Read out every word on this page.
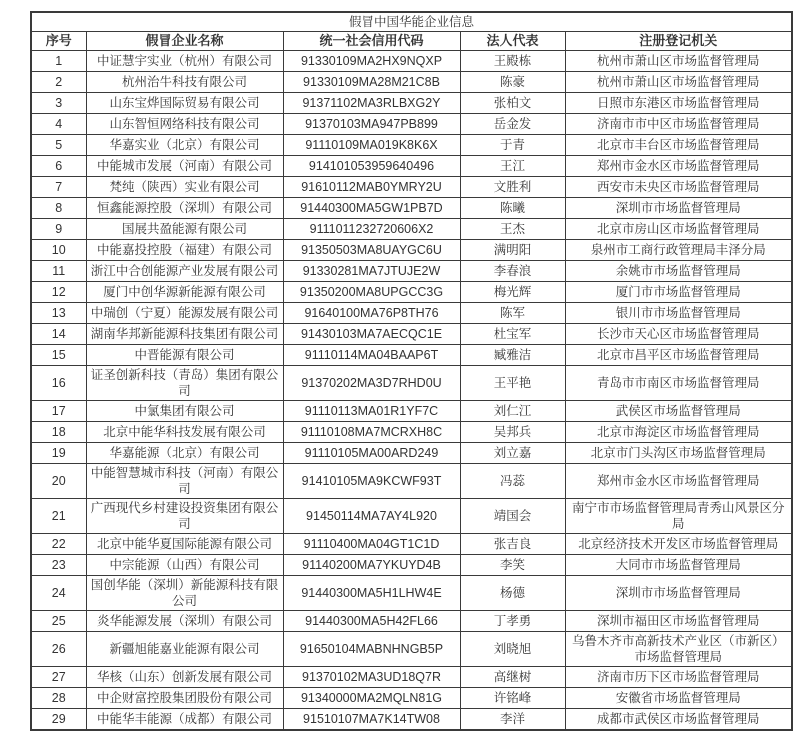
假冒中国华能企业信息				
序号	假冒企业名称	统一社会信用代码	法人代表	注册登记机关
1	中证慧宇实业（杭州）有限公司	91330109MA2HX9NQXP	王殿栋	杭州市萧山区市场监督管理局
2	杭州治牛科技有限公司	91330109MA28M21C8B	陈豪	杭州市萧山区市场监督管理局
3	山东宝烨国际贸易有限公司	91371102MA3RLBXG2Y	张柏文	日照市东港区市场监督管理局
4	山东智恒网络科技有限公司	91370103MA947PB899	岳金发	济南市市中区市场监督管理局
5	华嘉实业（北京）有限公司	91110109MA019K8K6X	于青	北京市丰台区市场监督管理局
6	中能城市发展（河南）有限公司	914101053959640496	王江	郑州市金水区市场监督管理局
7	梵纯（陕西）实业有限公司	91610112MAB0YMRY2U	文胜利	西安市未央区市场监督管理局
8	恒鑫能源控股（深圳）有限公司	91440300MA5GW1PB7D	陈曦	深圳市市场监督管理局
9	国展共盈能源有限公司	9111011232720606X2	王杰	北京市房山区市场监督管理局
10	中能嘉投控股（福建）有限公司	91350503MA8UAYGC6U	满明阳	泉州市工商行政管理局丰泽分局
11	浙江中合创能源产业发展有限公司	91330281MA7JTUJE2W	李春浪	余姚市市场监督管理局
12	厦门中创华源新能源有限公司	91350200MA8UPGCC3G	梅光辉	厦门市市场监督管理局
13	中瑞创（宁夏）能源发展有限公司	91640100MA76P8TH76	陈军	银川市市场监督管理局
14	湖南华邦新能源科技集团有限公司	91430103MA7AECQC1E	杜宝军	长沙市天心区市场监督管理局
15	中晋能源有限公司	91110114MA04BAAP6T	臧雅洁	北京市昌平区市场监督管理局
16	证圣创新科技（青岛）集团有限公司	91370202MA3D7RHD0U	王平艳	青岛市市南区市场监督管理局
17	中氯集团有限公司	91110113MA01R1YF7C	刘仁江	武侯区市场监督管理局
18	北京中能华科技发展有限公司	91110108MA7MCRXH8C	吴邦兵	北京市海淀区市场监督管理局
19	华嘉能源（北京）有限公司	91110105MA00ARD249	刘立嘉	北京市门头沟区市场监督管理局
20	中能智慧城市科技（河南）有限公司	91410105MA9KCWF93T	冯蕊	郑州市金水区市场监督管理局
21	广西现代乡村建设投资集团有限公司	91450114MA7AY4L920	靖国会	南宁市市场监督管理局青秀山风景区分局
22	北京中能华夏国际能源有限公司	91110400MA04GT1C1D	张吉良	北京经济技术开发区市场监督管理局
23	中宗能源（山西）有限公司	91140200MA7YKUYD4B	李笑	大同市市场监督管理局
24	国创华能（深圳）新能源科技有限公司	91440300MA5H1LHW4E	杨德	深圳市市场监督管理局
25	炎华能源发展（深圳）有限公司	91440300MA5H42FL66	丁孝勇	深圳市福田区市场监督管理局
26	新疆旭能嘉业能源有限公司	91650104MABNHNGB5P	刘晓旭	乌鲁木齐市高新技术产业区（市新区）市场监督管理局
27	华核（山东）创新发展有限公司	91370102MA3UD18Q7R	高继树	济南市历下区市场监督管理局
28	中企财富控股集团股份有限公司	91340000MA2MQLN81G	许铭峰	安徽省市场监督管理局
29	中能华丰能源（成都）有限公司	91510107MA7K14TW08	李洋	成都市武侯区市场监督管理局
